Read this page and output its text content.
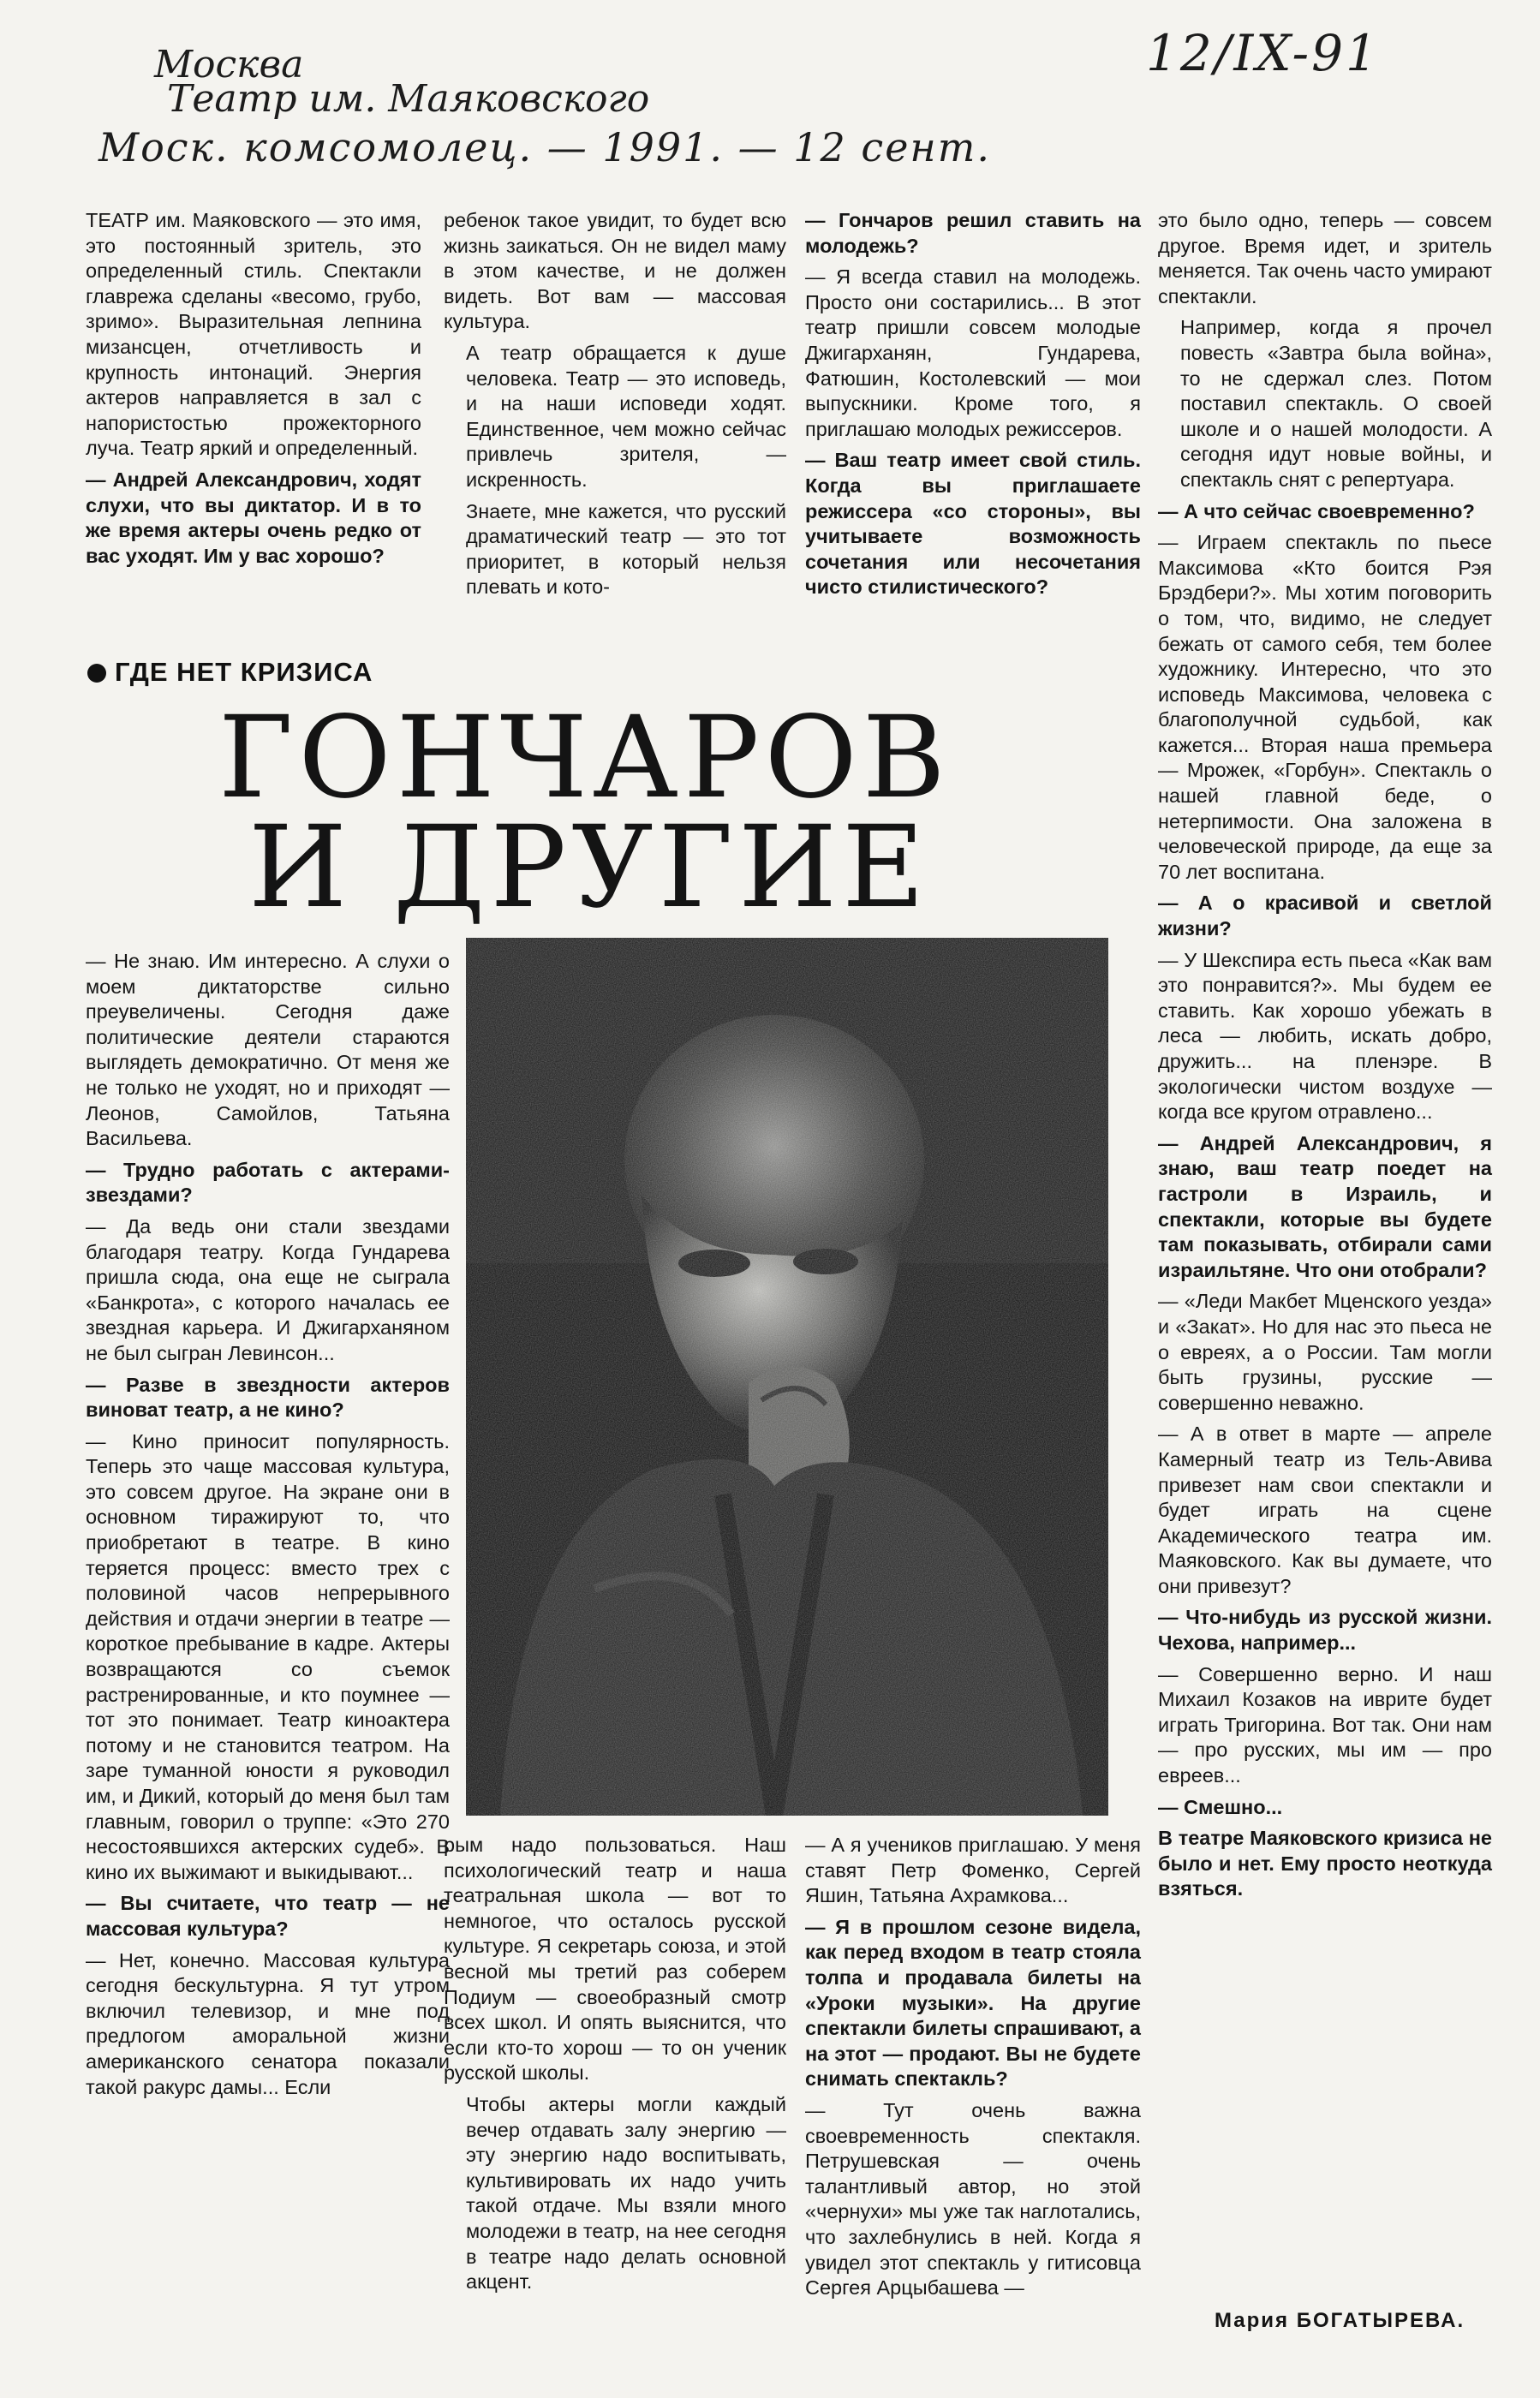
12/IX-91
Москва
Театр им. Маяковского
Моск. комсомолец. — 1991. — 12 сент.

ТЕАТР им. Маяковского — это имя, это постоянный зритель, это определенный стиль. Спектакли главрежа сделаны «весомо, грубо, зримо». Выразительная лепнина мизансцен, отчетливость и крупность интонаций. Энергия актеров направляется в зал с напористостью прожекторного луча. Театр яркий и определенный.

— Андрей Александрович, ходят слухи, что вы диктатор. И в то же время актеры очень редко от вас уходят. Им у вас хорошо?

ребенок такое увидит, то будет всю жизнь заикаться. Он не видел маму в этом качестве, и не должен видеть. Вот вам — массовая культура.

А театр обращается к душе человека. Театр — это исповедь, и на наши исповеди ходят. Единственное, чем можно сейчас привлечь зрителя, — искренность.

Знаете, мне кажется, что русский драматический театр — это тот приоритет, в который нельзя плевать и кото-

— Гончаров решил ставить на молодежь?

— Я всегда ставил на молодежь. Просто они состарились... В этот театр пришли совсем молодые Джигарханян, Гундарева, Фатюшин, Костолевский — мои выпускники. Кроме того, я приглашаю молодых режиссеров.

— Ваш театр имеет свой стиль. Когда вы приглашаете режиссера «со стороны», вы учитываете возможность сочетания или несочетания чисто стилистического?

ГДЕ НЕТ КРИЗИСА
ГОНЧАРОВ
И ДРУГИЕ

— Не знаю. Им интересно. А слухи о моем диктаторстве сильно преувеличены. Сегодня даже политические деятели стараются выглядеть демократично. От меня же не только не уходят, но и приходят — Леонов, Самойлов, Татьяна Васильева.

— Трудно работать с актерами-звездами?

— Да ведь они стали звездами благодаря театру. Когда Гундарева пришла сюда, она еще не сыграла «Банкрота», с которого началась ее звездная карьера. И Джигарханяном не был сыгран Левинсон...

— Разве в звездности актеров виноват театр, а не кино?

— Кино приносит популярность. Теперь это чаще массовая культура, это совсем другое. На экране они в основном тиражируют то, что приобретают в театре. В кино теряется процесс: вместо трех с половиной часов непрерывного действия и отдачи энергии в театре — короткое пребывание в кадре. Актеры возвращаются со съемок растренированные, и кто поумнее — тот это понимает. Театр киноактера потому и не становится театром. На заре туманной юности я руководил им, и Дикий, который до меня был там главным, говорил о труппе: «Это 270 несостоявшихся актерских судеб». В кино их выжимают и выкидывают...

— Вы считаете, что театр — не массовая культура?

— Нет, конечно. Массовая культура сегодня бескультурна. Я тут утром включил телевизор, и мне под предлогом аморальной жизни американского сенатора показали такой ракурс дамы... Если

рым надо пользоваться. Наш психологический театр и наша театральная школа — вот то немногое, что осталось русской культуре. Я секретарь союза, и этой весной мы третий раз соберем Подиум — своеобразный смотр всех школ. И опять выяснится, что если кто-то хорош — то он ученик русской школы.

Чтобы актеры могли каждый вечер отдавать залу энергию — эту энергию надо воспитывать, культивировать их надо учить такой отдаче. Мы взяли много молодежи в театр, на нее сегодня в театре надо делать основной акцент.

— А я учеников приглашаю. У меня ставят Петр Фоменко, Сергей Яшин, Татьяна Ахрамкова...

— Я в прошлом сезоне видела, как перед входом в театр стояла толпа и продавала билеты на «Уроки музыки». На другие спектакли билеты спрашивают, а на этот — продают. Вы не будете снимать спектакль?

— Тут очень важна своевременность спектакля. Петрушевская — очень талантливый автор, но этой «чернухи» мы уже так наглотались, что захлебнулись в ней. Когда я увидел этот спектакль у гитисовца Сергея Арцыбашева —

это было одно, теперь — совсем другое. Время идет, и зритель меняется. Так очень часто умирают спектакли.

Например, когда я прочел повесть «Завтра была война», то не сдержал слез. Потом поставил спектакль. О своей школе и о нашей молодости. А сегодня идут новые войны, и спектакль снят с репертуара.

— А что сейчас своевременно?

— Играем спектакль по пьесе Максимова «Кто боится Рэя Брэдбери?». Мы хотим поговорить о том, что, видимо, не следует бежать от самого себя, тем более художнику. Интересно, что это исповедь Максимова, человека с благополучной судьбой, как кажется... Вторая наша премьера — Мрожек, «Горбун». Спектакль о нашей главной беде, о нетерпимости. Она заложена в человеческой природе, да еще за 70 лет воспитана.

— А о красивой и светлой жизни?

— У Шекспира есть пьеса «Как вам это понравится?». Мы будем ее ставить. Как хорошо убежать в леса — любить, искать добро, дружить... на пленэре. В экологически чистом воздухе — когда все кругом отравлено...

— Андрей Александрович, я знаю, ваш театр поедет на гастроли в Израиль, и спектакли, которые вы будете там показывать, отбирали сами израильтяне. Что они отобрали?

— «Леди Макбет Мценского уезда» и «Закат». Но для нас это пьеса не о евреях, а о России. Там могли быть грузины, русские — совершенно неважно.

— А в ответ в марте — апреле Камерный театр из Тель-Авива привезет нам свои спектакли и будет играть на сцене Академического театра им. Маяковского. Как вы думаете, что они привезут?

— Что-нибудь из русской жизни. Чехова, например...

— Совершенно верно. И наш Михаил Козаков на иврите будет играть Тригорина. Вот так. Они нам — про русских, мы им — про евреев...

— Смешно...

В театре Маяковского кризиса не было и нет. Ему просто неоткуда взяться.

Мария БОГАТЫРЕВА.
